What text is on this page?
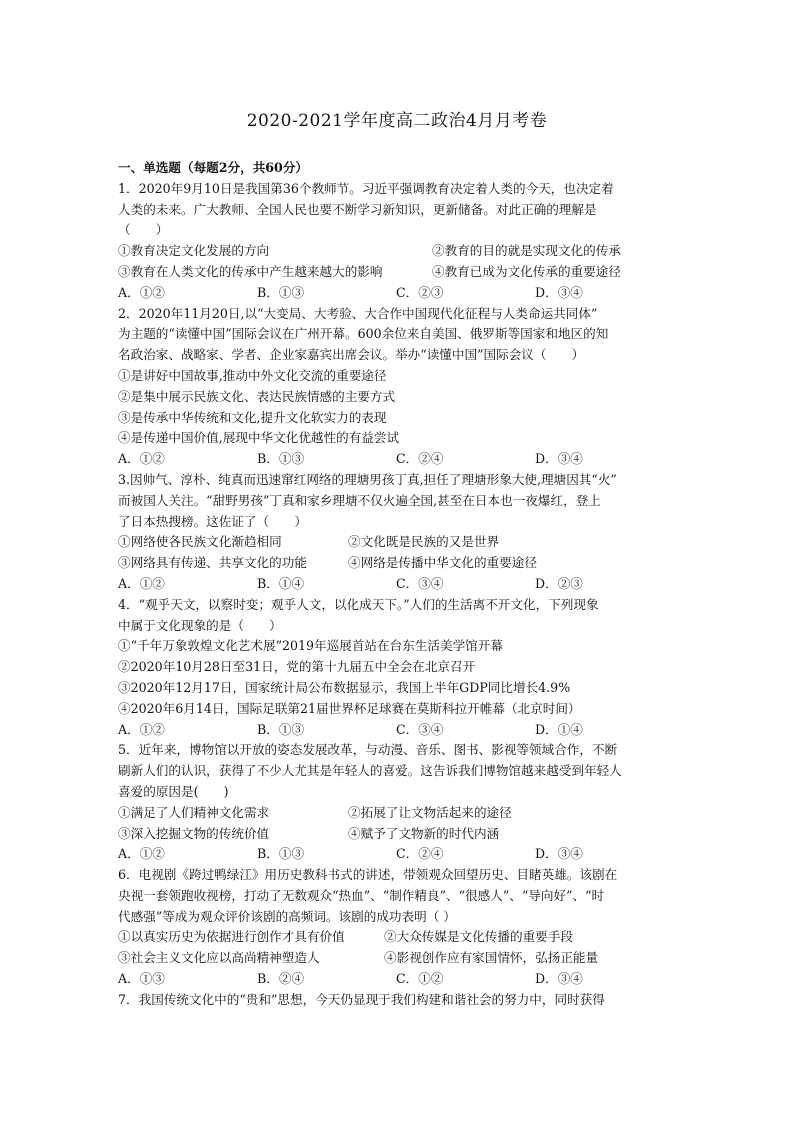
2020-2021学年度高二政治4月月考卷
一、单选题（每题2分，共60分）
1．2020年9月10日是我国第36个教师节。习近平强调教育决定着人类的今天，也决定着
人类的未来。广大教师、全国人民也要不断学习新知识，更新储备。对此正确的理解是
（　　）
①教育决定文化发展的方向	②教育的目的就是实现文化的传承
③教育在人类文化的传承中产生越来越大的影响	④教育已成为文化传承的重要途径
A．①②	B．①③	C．②③	D．③④
2．2020年11月20日,以“大变局、大考验、大合作中国现代化征程与人类命运共同体”
为主题的“读懂中国”国际会议在广州开幕。600余位来自美国、俄罗斯等国家和地区的知
名政治家、战略家、学者、企业家嘉宾出席会议。举办“读懂中国”国际会议（　　）
①是讲好中国故事,推动中外文化交流的重要途径
②是集中展示民族文化、表达民族情感的主要方式
③是传承中华传统和文化,提升文化软实力的表现
④是传递中国价值,展现中华文化优越性的有益尝试
A．①②	B．①③	C．②④	D．③④
3.因帅气、淳朴、纯真而迅速窜红网络的理塘男孩丁真,担任了理塘形象大使,理塘因其“火”
而被国人关注。“甜野男孩”丁真和家乡理塘不仅火遍全国,甚至在日本也一夜爆红，登上
了日本热搜榜。这佐证了（　　）
①网络使各民族文化渐趋相同	②文化既是民族的又是世界
③网络具有传递、共享文化的功能	④网络是传播中华文化的重要途径
A．①②	B．①④	C．③④	D．②③
4．“观乎天文，以察时变；观乎人文，以化成天下。”人们的生活离不开文化，下列现象
中属于文化现象的是（　　）
①“千年万象敦煌文化艺术展”2019年巡展首站在台东生活美学馆开幕
②2020年10月28日至31日，党的第十九届五中全会在北京召开
③2020年12月17日，国家统计局公布数据显示，我国上半年GDP同比增长4.9%
④2020年6月14日，国际足联第21届世界杯足球赛在莫斯科拉开帷幕（北京时间）
A．①②	B．①③	C．③④	D．①④
5．近年来，博物馆以开放的姿态发展改革，与动漫、音乐、图书、影视等领域合作，不断
刷新人们的认识，获得了不少人尤其是年轻人的喜爱。这告诉我们博物馆越来越受到年轻人
喜爱的原因是(　　)
①满足了人们精神文化需求	②拓展了让文物活起来的途径
③深入挖掘文物的传统价值	④赋予了文物新的时代内涵
A．①②	B．①③	C．②④	D．③④
6．电视剧《跨过鸭绿江》用历史教科书式的讲述，带领观众回望历史、目睹英雄。该剧在
央视一套领跑收视榜，打动了无数观众“热血”、“制作精良”、“很感人”、“导向好”、“时
代感强”等成为观众评价该剧的高频词。该剧的成功表明（ ）
①以真实历史为依据进行创作才具有价值	②大众传媒是文化传播的重要手段
③社会主义文化应以高尚精神塑造人	④影视创作应有家国情怀，弘扬正能量
A．①③	B．②④	C．①②	D．③④
7．我国传统文化中的“贵和”思想，今天仍显现于我们构建和谐社会的努力中，同时获得
